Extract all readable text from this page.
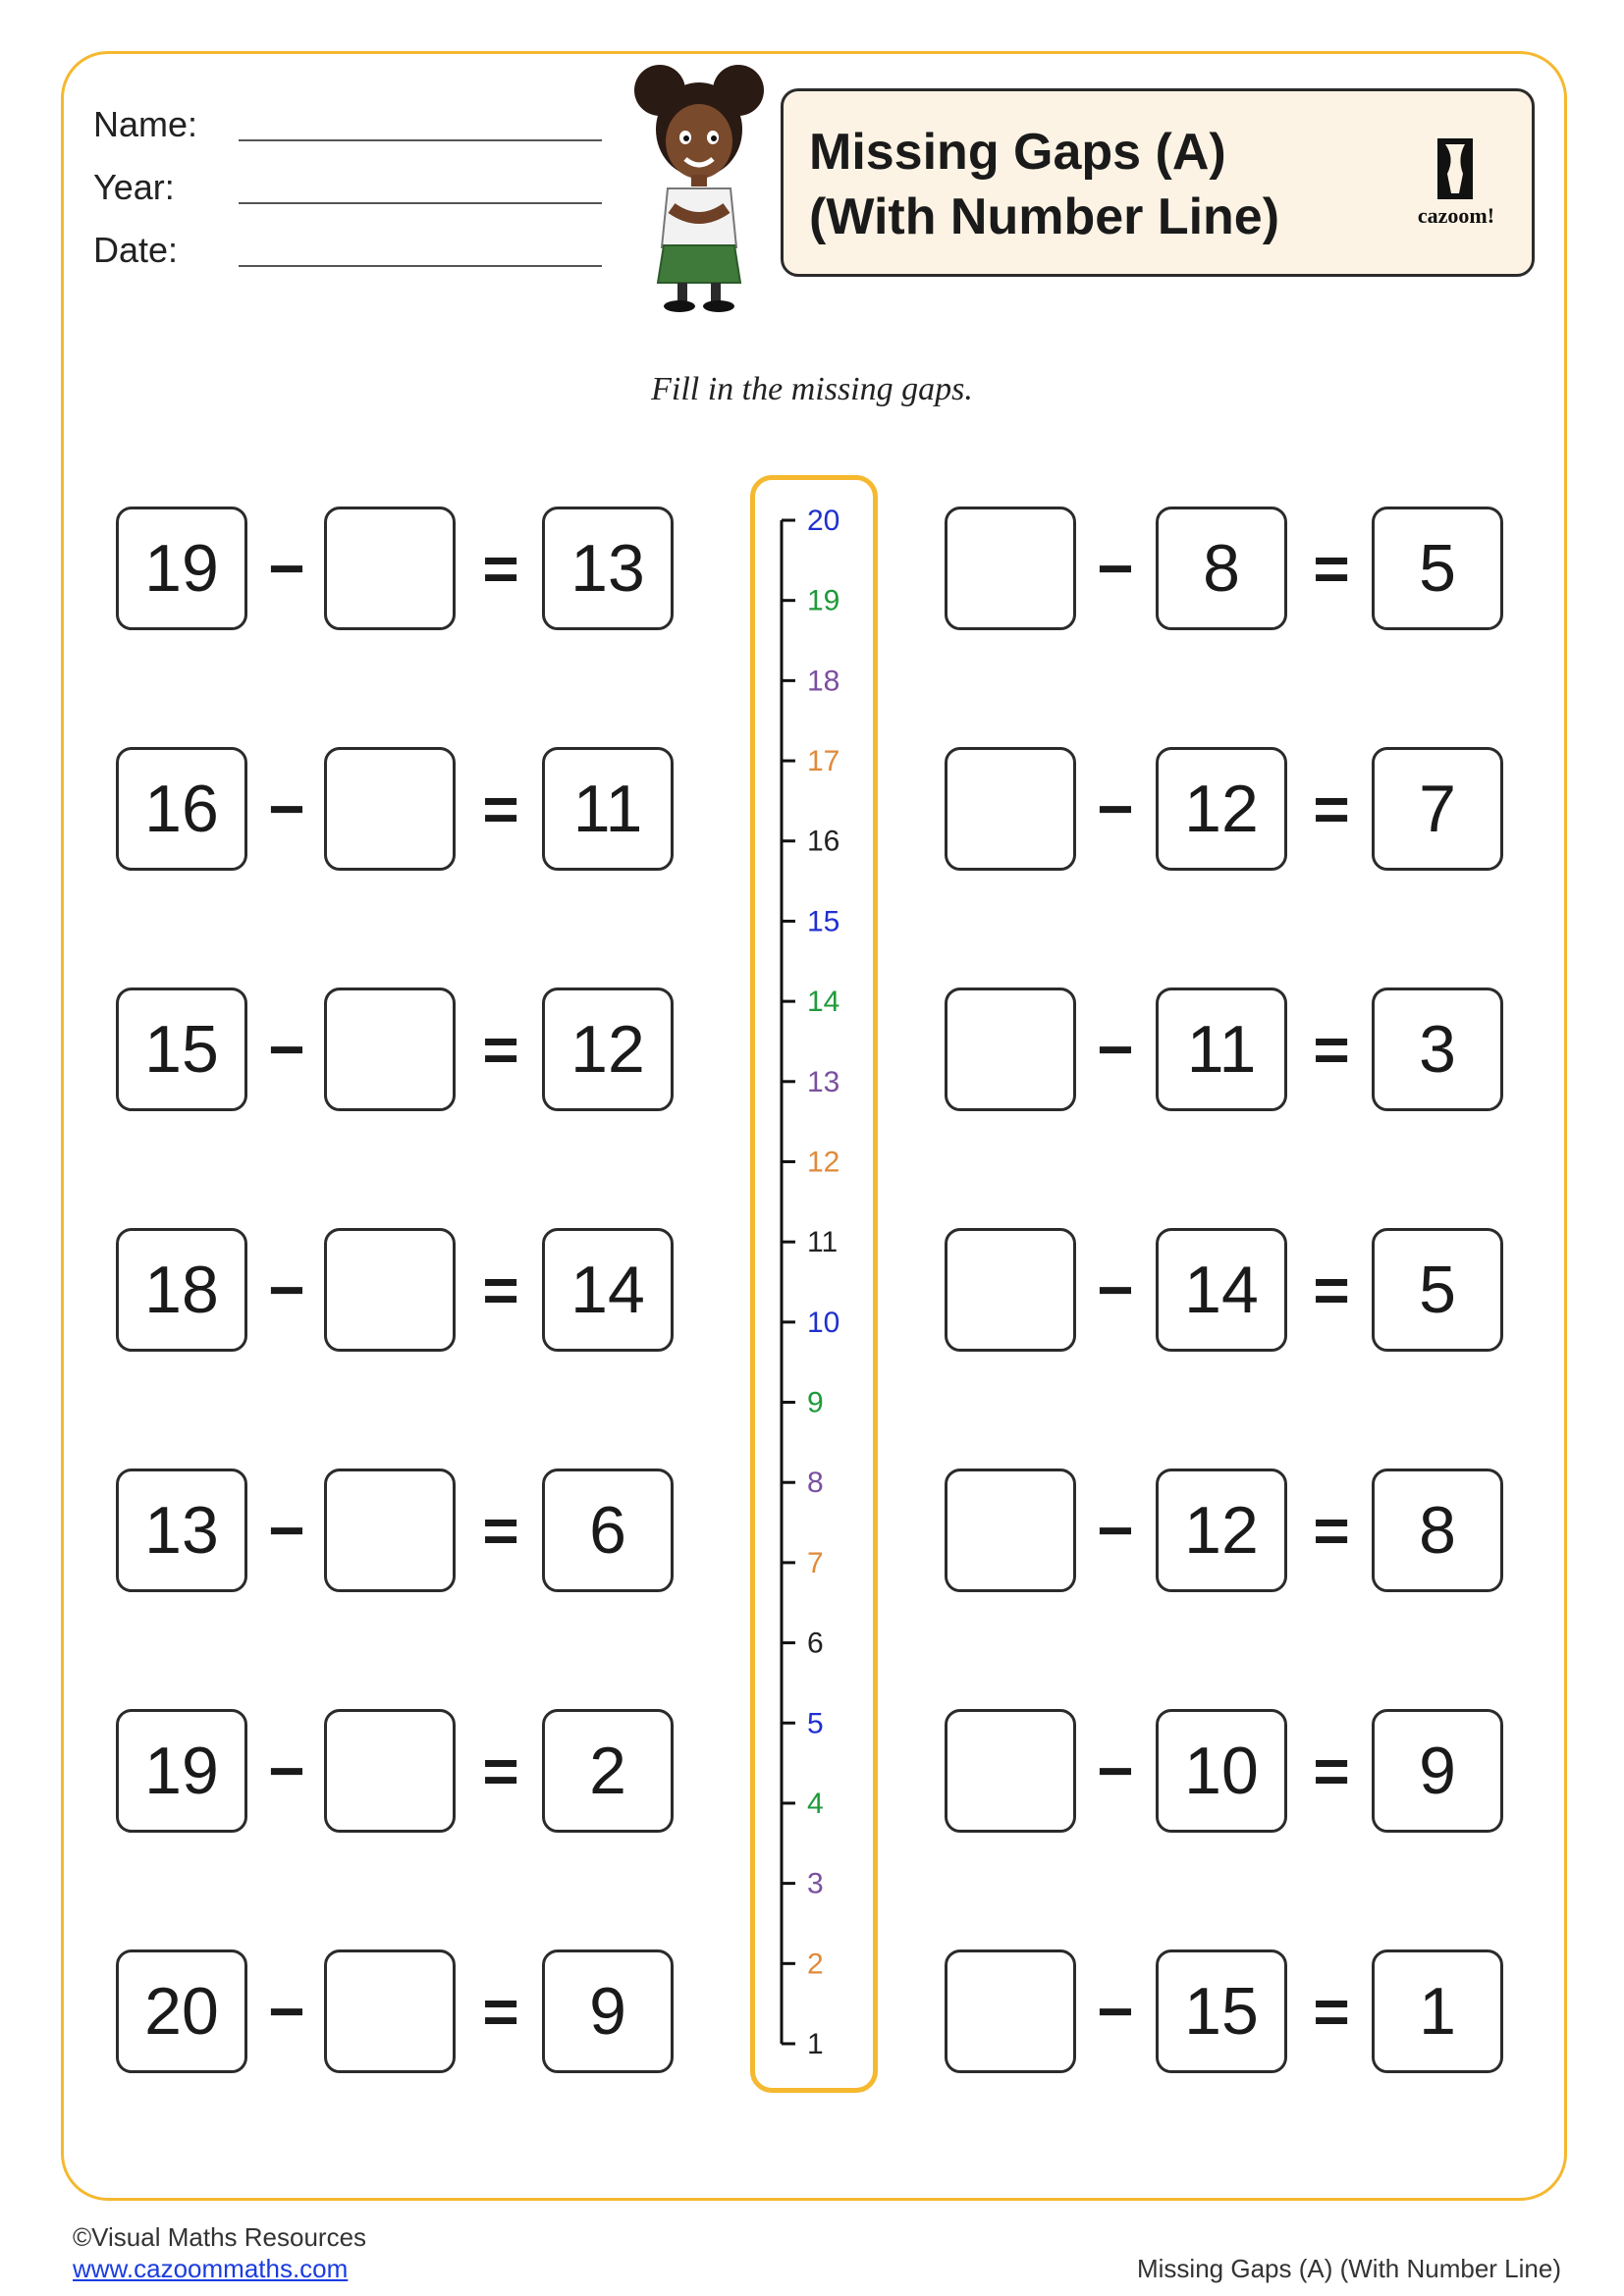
Name:
Year:
Date:
Missing Gaps (A)
(With Number Line)	cazoom!
Fill in the missing gaps.
19 −	= 13
16 −	= 11
15 −	= 12
18 −	= 14
13 −	=	6
19 −	=	2
20 −	=	9
−	8	=	5
− 12 =	7
− 11 =	3
− 14 =	5
− 12 =	8
− 10 =	9
− 15 =	1
20
19
18
17
16
15
14
13
12
11
10
9
8
7
6
5
4
3
2
1
©Visual Maths Resources
www.cazoommaths.com	Missing Gaps (A) (With Number Line)
